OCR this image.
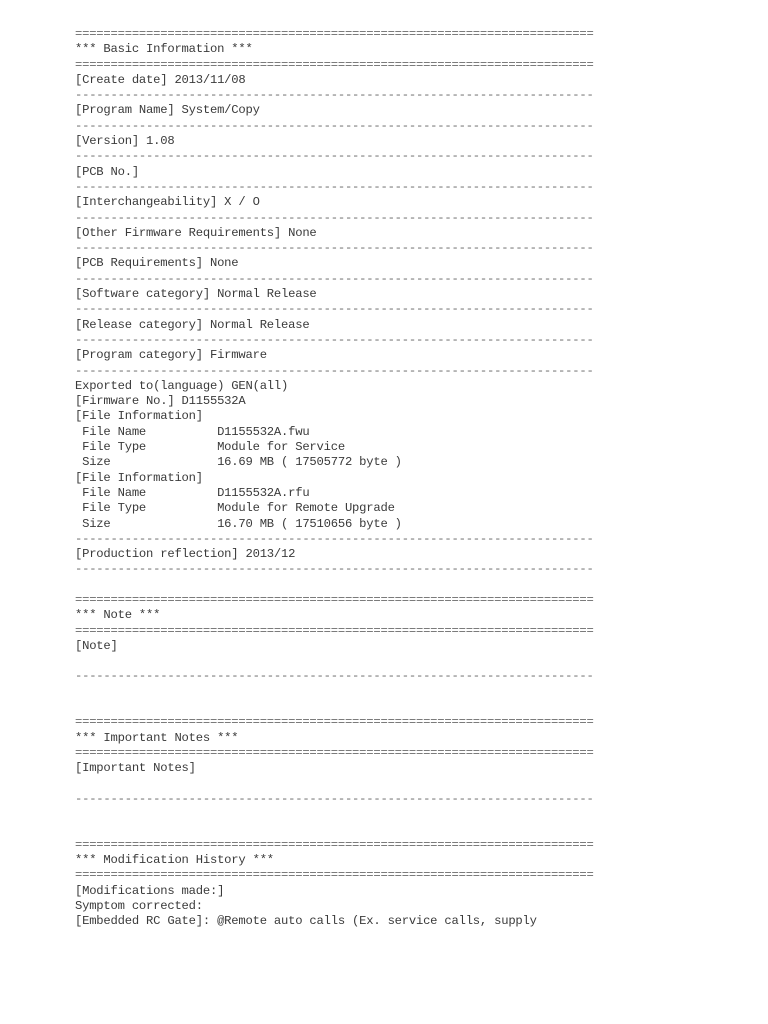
=========================================================================
*** Basic Information ***
=========================================================================
[Create date] 2013/11/08
-------------------------------------------------------------------------
[Program Name] System/Copy
-------------------------------------------------------------------------
[Version] 1.08
-------------------------------------------------------------------------
[PCB No.]
-------------------------------------------------------------------------
[Interchangeability] X / O
-------------------------------------------------------------------------
[Other Firmware Requirements] None
-------------------------------------------------------------------------
[PCB Requirements] None
-------------------------------------------------------------------------
[Software category] Normal Release
-------------------------------------------------------------------------
[Release category] Normal Release
-------------------------------------------------------------------------
[Program category] Firmware
-------------------------------------------------------------------------
Exported to(language) GEN(all)
[Firmware No.] D1155532A
[File Information]
File Name          D1155532A.fwu
File Type          Module for Service
Size               16.69 MB ( 17505772 byte )
[File Information]
File Name          D1155532A.rfu
File Type          Module for Remote Upgrade
Size               16.70 MB ( 17510656 byte )
-------------------------------------------------------------------------
[Production reflection] 2013/12
-------------------------------------------------------------------------
=========================================================================
*** Note ***
=========================================================================
[Note]
-------------------------------------------------------------------------
=========================================================================
*** Important Notes ***
=========================================================================
[Important Notes]
-------------------------------------------------------------------------
=========================================================================
*** Modification History ***
=========================================================================
[Modifications made:]
Symptom corrected:
[Embedded RC Gate]: @Remote auto calls (Ex. service calls, supply
